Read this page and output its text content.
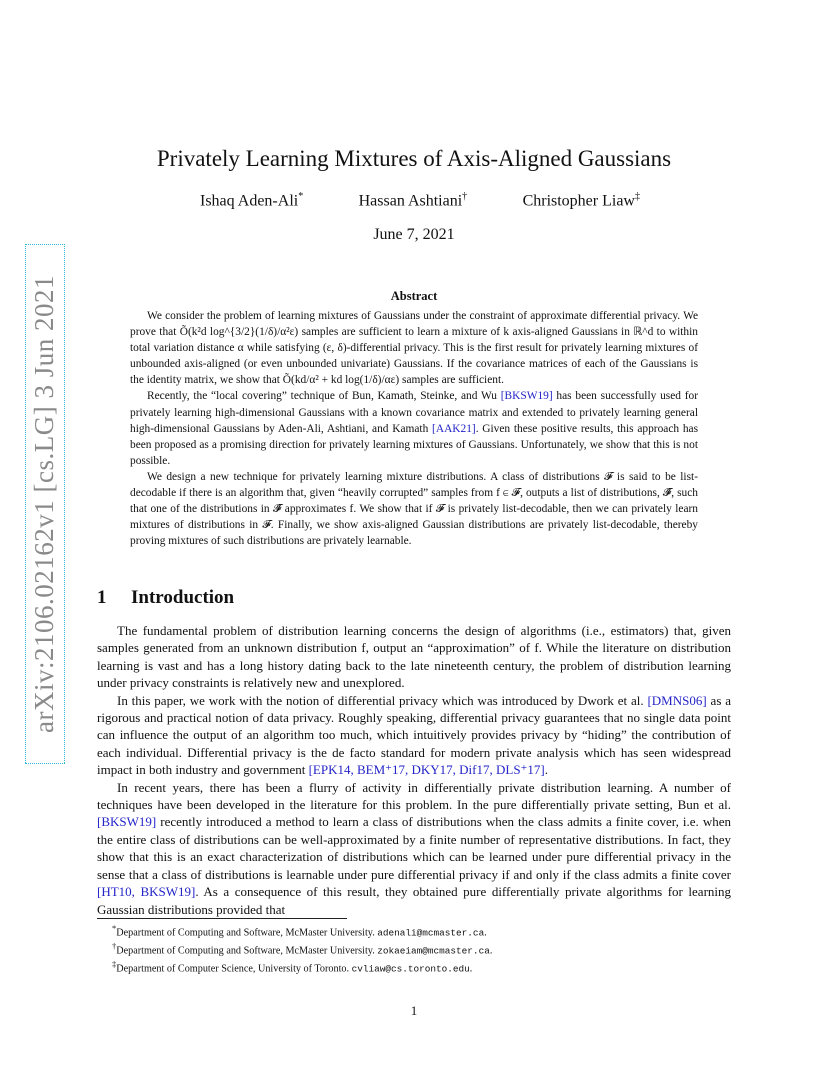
arXiv:2106.02162v1 [cs.LG] 3 Jun 2021
Privately Learning Mixtures of Axis-Aligned Gaussians
Ishaq Aden-Ali*	Hassan Ashtiani†	Christopher Liaw‡
June 7, 2021
Abstract

We consider the problem of learning mixtures of Gaussians under the constraint of approximate differential privacy. We prove that Õ(k²d log^{3/2}(1/δ)/α²ε) samples are sufficient to learn a mixture of k axis-aligned Gaussians in ℝ^d to within total variation distance α while satisfying (ε, δ)-differential privacy. This is the first result for privately learning mixtures of unbounded axis-aligned (or even unbounded univariate) Gaussians. If the covariance matrices of each of the Gaussians is the identity matrix, we show that Õ(kd/α² + kd log(1/δ)/αε) samples are sufficient.

Recently, the “local covering” technique of Bun, Kamath, Steinke, and Wu [BKSW19] has been successfully used for privately learning high-dimensional Gaussians with a known covariance matrix and extended to privately learning general high-dimensional Gaussians by Aden-Ali, Ashtiani, and Kamath [AAK21]. Given these positive results, this approach has been proposed as a promising direction for privately learning mixtures of Gaussians. Unfortunately, we show that this is not possible.

We design a new technique for privately learning mixture distributions. A class of distributions 𝓕 is said to be list-decodable if there is an algorithm that, given “heavily corrupted” samples from f ∈ 𝓕, outputs a list of distributions, 𝓕̂, such that one of the distributions in 𝓕̂ approximates f. We show that if 𝓕 is privately list-decodable, then we can privately learn mixtures of distributions in 𝓕. Finally, we show axis-aligned Gaussian distributions are privately list-decodable, thereby proving mixtures of such distributions are privately learnable.

1 Introduction

The fundamental problem of distribution learning concerns the design of algorithms (i.e., estimators) that, given samples generated from an unknown distribution f, output an “approximation” of f. While the literature on distribution learning is vast and has a long history dating back to the late nineteenth century, the problem of distribution learning under privacy constraints is relatively new and unexplored.

In this paper, we work with the notion of differential privacy which was introduced by Dwork et al. [DMNS06] as a rigorous and practical notion of data privacy. Roughly speaking, differential privacy guarantees that no single data point can influence the output of an algorithm too much, which intuitively provides privacy by “hiding” the contribution of each individual. Differential privacy is the de facto standard for modern private analysis which has seen widespread impact in both industry and government [EPK14, BEM⁺17, DKY17, Dif17, DLS⁺17].

In recent years, there has been a flurry of activity in differentially private distribution learning. A number of techniques have been developed in the literature for this problem. In the pure differentially private setting, Bun et al. [BKSW19] recently introduced a method to learn a class of distributions when the class admits a finite cover, i.e. when the entire class of distributions can be well-approximated by a finite number of representative distributions. In fact, they show that this is an exact characterization of distributions which can be learned under pure differential privacy in the sense that a class of distributions is learnable under pure differential privacy if and only if the class admits a finite cover [HT10, BKSW19]. As a consequence of this result, they obtained pure differentially private algorithms for learning Gaussian distributions provided that

*Department of Computing and Software, McMaster University. adenali@mcmaster.ca.
†Department of Computing and Software, McMaster University. zokaeiam@mcmaster.ca.
‡Department of Computer Science, University of Toronto. cvliaw@cs.toronto.edu.
1
